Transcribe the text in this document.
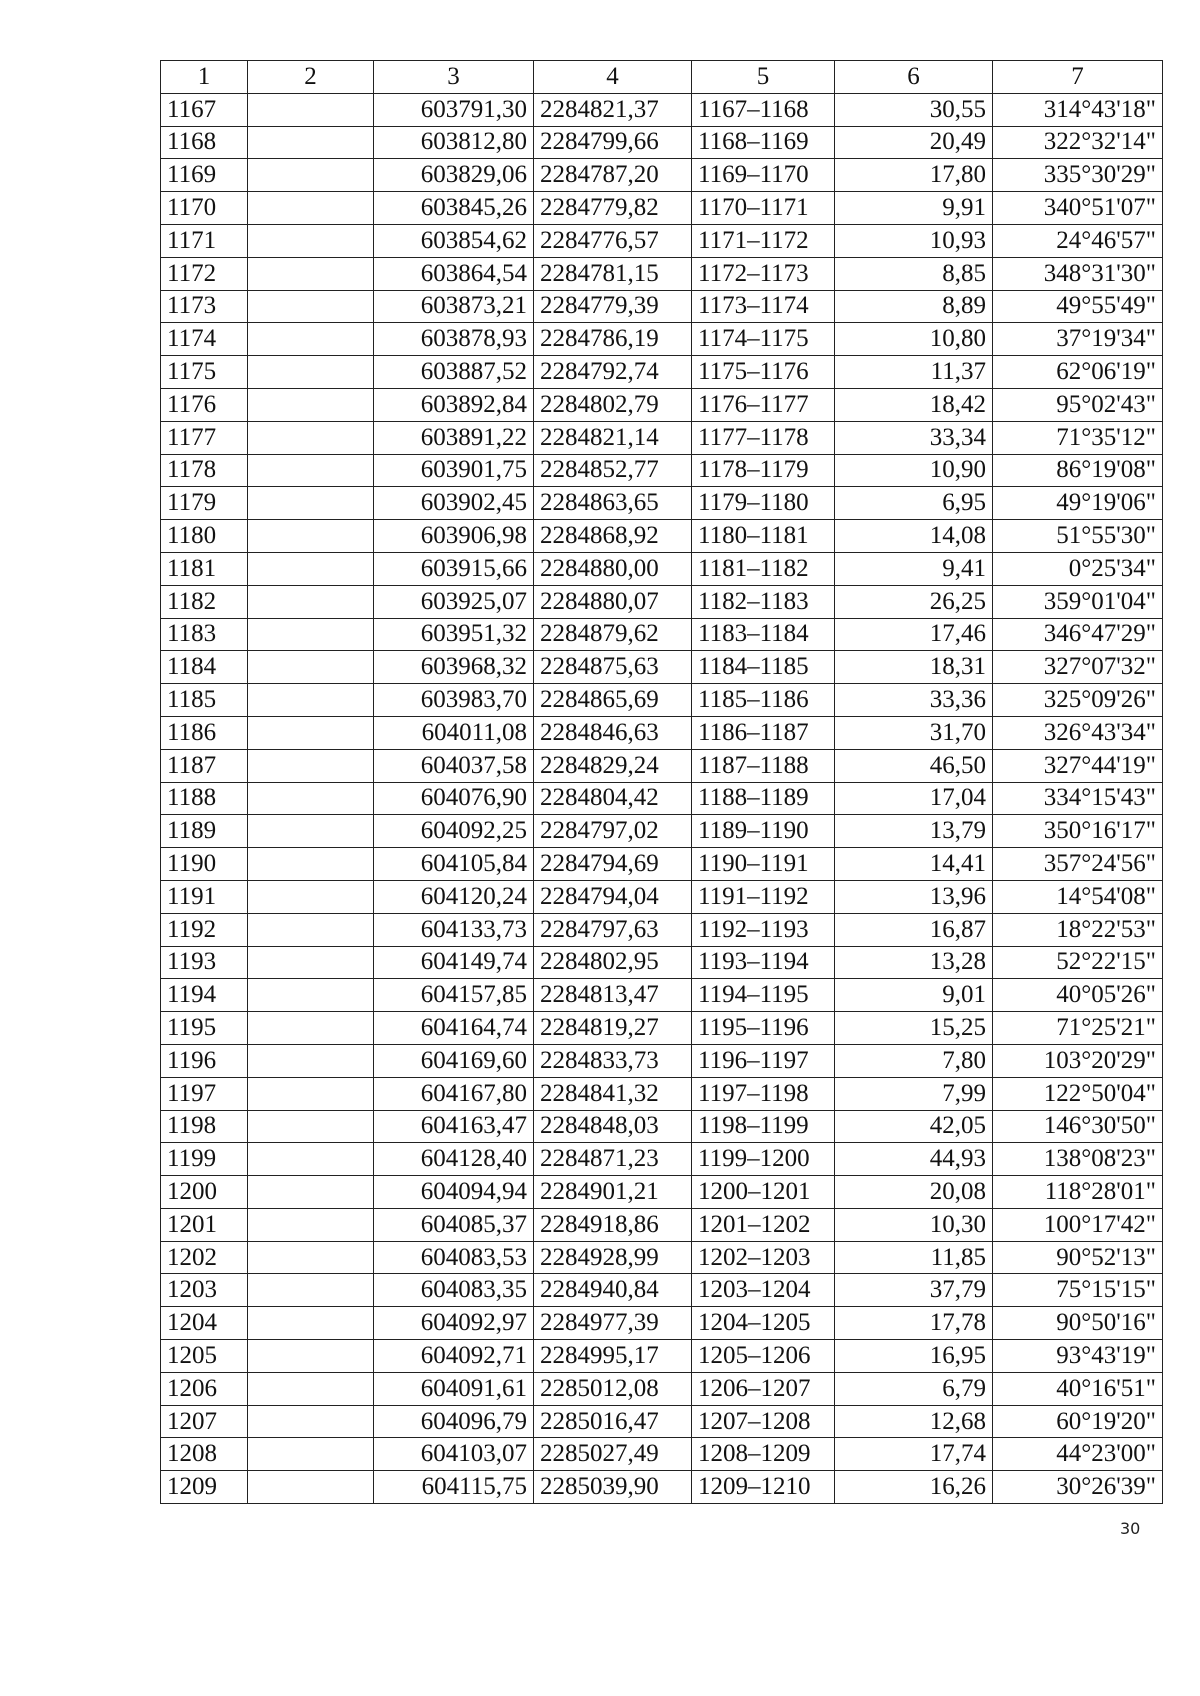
1	2	3	4	5	6	7
1167		603791,30	2284821,37	1167–1168	30,55	314°43'18"
1168		603812,80	2284799,66	1168–1169	20,49	322°32'14"
1169		603829,06	2284787,20	1169–1170	17,80	335°30'29"
1170		603845,26	2284779,82	1170–1171	9,91	340°51'07"
1171		603854,62	2284776,57	1171–1172	10,93	24°46'57"
1172		603864,54	2284781,15	1172–1173	8,85	348°31'30"
1173		603873,21	2284779,39	1173–1174	8,89	49°55'49"
1174		603878,93	2284786,19	1174–1175	10,80	37°19'34"
1175		603887,52	2284792,74	1175–1176	11,37	62°06'19"
1176		603892,84	2284802,79	1176–1177	18,42	95°02'43"
1177		603891,22	2284821,14	1177–1178	33,34	71°35'12"
1178		603901,75	2284852,77	1178–1179	10,90	86°19'08"
1179		603902,45	2284863,65	1179–1180	6,95	49°19'06"
1180		603906,98	2284868,92	1180–1181	14,08	51°55'30"
1181		603915,66	2284880,00	1181–1182	9,41	0°25'34"
1182		603925,07	2284880,07	1182–1183	26,25	359°01'04"
1183		603951,32	2284879,62	1183–1184	17,46	346°47'29"
1184		603968,32	2284875,63	1184–1185	18,31	327°07'32"
1185		603983,70	2284865,69	1185–1186	33,36	325°09'26"
1186		604011,08	2284846,63	1186–1187	31,70	326°43'34"
1187		604037,58	2284829,24	1187–1188	46,50	327°44'19"
1188		604076,90	2284804,42	1188–1189	17,04	334°15'43"
1189		604092,25	2284797,02	1189–1190	13,79	350°16'17"
1190		604105,84	2284794,69	1190–1191	14,41	357°24'56"
1191		604120,24	2284794,04	1191–1192	13,96	14°54'08"
1192		604133,73	2284797,63	1192–1193	16,87	18°22'53"
1193		604149,74	2284802,95	1193–1194	13,28	52°22'15"
1194		604157,85	2284813,47	1194–1195	9,01	40°05'26"
1195		604164,74	2284819,27	1195–1196	15,25	71°25'21"
1196		604169,60	2284833,73	1196–1197	7,80	103°20'29"
1197		604167,80	2284841,32	1197–1198	7,99	122°50'04"
1198		604163,47	2284848,03	1198–1199	42,05	146°30'50"
1199		604128,40	2284871,23	1199–1200	44,93	138°08'23"
1200		604094,94	2284901,21	1200–1201	20,08	118°28'01"
1201		604085,37	2284918,86	1201–1202	10,30	100°17'42"
1202		604083,53	2284928,99	1202–1203	11,85	90°52'13"
1203		604083,35	2284940,84	1203–1204	37,79	75°15'15"
1204		604092,97	2284977,39	1204–1205	17,78	90°50'16"
1205		604092,71	2284995,17	1205–1206	16,95	93°43'19"
1206		604091,61	2285012,08	1206–1207	6,79	40°16'51"
1207		604096,79	2285016,47	1207–1208	12,68	60°19'20"
1208		604103,07	2285027,49	1208–1209	17,74	44°23'00"
1209		604115,75	2285039,90	1209–1210	16,26	30°26'39"
30
